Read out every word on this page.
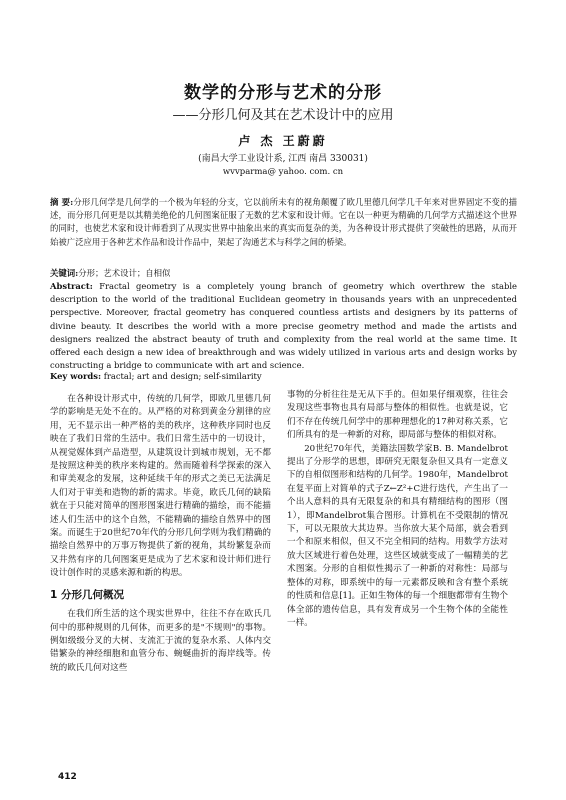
数学的分形与艺术的分形
——分形几何及其在艺术设计中的应用
卢 杰 王蔚蔚
(南昌大学工业设计系, 江西 南昌 330031)
wvvparma@ yahoo. com. cn
摘 要:分形几何学是几何学的一个极为年轻的分支，它以前所未有的视角颠覆了欧几里德几何学几千年来对世界固定不变的描述，而分形几何更是以其精美绝伦的几何图案征服了无数的艺术家和设计师。它在以一种更为精确的几何学方式描述这个世界的同时，也使艺术家和设计师看到了从现实世界中抽象出来的真实而复杂的美，为各种设计形式提供了突破性的思路，从而开始被广泛应用于各种艺术作品和设计作品中，架起了沟通艺术与科学之间的桥梁。
关键词:分形；艺术设计；自相似
Abstract: Fractal geometry is a completely young branch of geometry which overthrew the stable description to the world of the traditional Euclidean geometry in thousands years with an unprecedented perspective. Moreover, fractal geometry has conquered countless artists and designers by its patterns of divine beauty. It describes the world with a more precise geometry method and made the artists and designers realized the abstract beauty of truth and complexity from the real world at the same time. It offered each design a new idea of breakthrough and was widely utilized in various arts and design works by constructing a bridge to communicate with art and science.
Key words: fractal; art and design; self-similarity

在各种设计形式中，传统的几何学，即欧几里德几何学的影响是无处不在的。从严格的对称到黄金分割律的应用，无不显示出一种严格的美的秩序，这种秩序同时也反映在了我们日常的生活中。我们日常生活中的一切设计，从视觉媒体到产品造型，从建筑设计到城市规划，无不都是按照这种美的秩序来构建的。然而随着科学探索的深入和审美观念的发展，这种延续千年的形式之美已无法满足人们对于审美和造物的新的需求。毕竟，欧氏几何的缺陷就在于只能对简单的图形图案进行精确的描绘，而不能描述人们生活中的这个自然，不能精确的描绘自然界中的图案。而诞生于20世纪70年代的分形几何学则为我们精确的描绘自然界中的万事万物提供了新的视角，其纷繁复杂而又井然有序的几何图案更是成为了艺术家和设计师们进行设计创作时的灵感来源和新的构思。

1 分形几何概况

在我们所生活的这个现实世界中，往往不存在欧氏几何中的那种规则的几何体，而更多的是"不规则"的事物。例如级级分叉的大树、支流汇于流的复杂水系、人体内交错繁杂的神经细胞和血管分布、蜿蜒曲折的海岸线等。传统的欧氏几何对这些

事物的分析往往是无从下手的。但如果仔细观察，往往会发现这些事物也具有局部与整体的相似性。也就是说，它们不存在传统几何学中的那种理想化的17种对称关系，它们所具有的是一种新的对称，即局部与整体的相似对称。

20世纪70年代，美籍法国数学家B. B. Mandelbrot提出了分形学的思想，即研究无限复杂但又具有一定意义下的自相似图形和结构的几何学。1980年，Mandelbrot在复平面上对简单的式子Z←Z²+C进行迭代，产生出了一个出人意料的具有无限复杂的和具有精细结构的图形（图1），即Mandelbrot集合图形。计算机在不受限制的情况下，可以无限放大其边界。当你放大某个局部，就会看到一个和原来相似，但又不完全相同的结构。用数学方法对放大区域进行着色处理，这些区域就变成了一幅精美的艺术图案。分形的自相似性揭示了一种新的对称性：局部与整体的对称，即系统中的每一元素都反映和含有整个系统的性质和信息[1]。正如生物体的每一个细胞都带有生物个体全部的遗传信息，具有发育成另一个生物个体的全能性一样。

412
